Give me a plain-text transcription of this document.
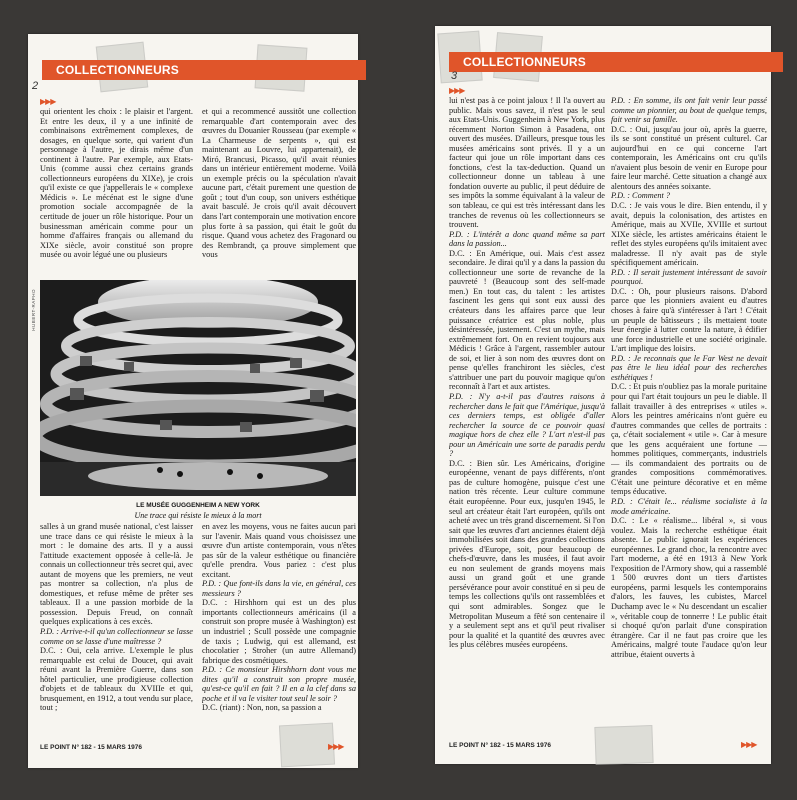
COLLECTIONNEURS
2
▶▶▶

qui orientent les choix : le plaisir et l'argent. Et entre les deux, il y a une infinité de combinaisons extrêmement complexes, de dosages, en quelque sorte, qui varient d'un personnage à l'autre, je dirais même d'un continent à l'autre. Par exemple, aux Etats-Unis (comme aussi chez certains grands collectionneurs européens du XIXe), je crois qu'il existe ce que j'appellerais le « complexe Médicis ». Le mécénat est le signe d'une promotion sociale accompagnée de la certitude de jouer un rôle historique. Pour un businessman américain comme pour un homme d'affaires français ou allemand du XIXe siècle, avoir constitué son propre musée ou avoir légué une ou plusieurs

et qui a recommencé aussitôt une collection remarquable d'art contemporain avec des œuvres du Douanier Rousseau (par exemple « La Charmeuse de serpents », qui est maintenant au Louvre, lui appartenait), de Miró, Brancusi, Picasso, qu'il avait réunies dans un intérieur entièrement moderne. Voilà un exemple précis ou la spéculation n'avait aucune part, c'était purement une question de goût ; tout d'un coup, son univers esthétique avait basculé. Je crois qu'il avait découvert dans l'art contemporain une motivation encore plus forte à sa passion, qui était le goût du risque. Quand vous achetez des Fragonard ou des Rembrandt, ça prouve simplement que vous

HUBERT-RAPHO
LE MUSÉE GUGGENHEIM A NEW YORK
Une trace qui résiste le mieux à la mort

salles à un grand musée national, c'est laisser une trace dans ce qui résiste le mieux à la mort : le domaine des arts. Il y a aussi l'attitude exactement opposée à celle-là. Je connais un collectionneur très secret qui, avec autant de moyens que les premiers, ne veut pas montrer sa collection, n'a plus de domestiques, et refuse même de prêter ses tableaux. Il a une passion morbide de la possession. Depuis Freud, on connaît quelques explications à ces excès.

P.D. : Arrive-t-il qu'un collectionneur se lasse comme on se lasse d'une maîtresse ?

D.C. : Oui, cela arrive. L'exemple le plus remarquable est celui de Doucet, qui avait réuni avant la Première Guerre, dans son hôtel particulier, une prodigieuse collection d'objets et de tableaux du XVIIIe et qui, brusquement, en 1912, a tout vendu sur place, tout ;

en avez les moyens, vous ne faites aucun pari sur l'avenir. Mais quand vous choisissez une œuvre d'un artiste contemporain, vous n'êtes pas sûr de la valeur esthétique ou financière qu'elle prendra. Vous pariez : c'est plus excitant.

P.D. : Que font-ils dans la vie, en général, ces messieurs ?

D.C. : Hirshhorn qui est un des plus importants collectionneurs américains (il a construit son propre musée à Washington) est un industriel ; Scull possède une compagnie de taxis ; Ludwig, qui est allemand, est chocolatier ; Stroher (un autre Allemand) fabrique des cosmétiques.

P.D. : Ce monsieur Hirshhorn dont vous me dites qu'il a construit son propre musée, qu'est-ce qu'il en fait ? Il en a la clef dans sa poche et il va le visiter tout seul le soir ?

D.C. (riant) : Non, non, sa passion a

LE POINT N° 182 - 15 MARS 1976	▶▶▶
COLLECTIONNEURS
3
▶▶▶

lui n'est pas à ce point jaloux ! Il l'a ouvert au public. Mais vous savez, il n'est pas le seul aux Etats-Unis. Guggenheim à New York, plus récemment Norton Simon à Pasadena, ont ouvert des musées. D'ailleurs, presque tous les musées américains sont privés. Il y a un facteur qui joue un rôle important dans ces fonctions, c'est la tax-deduction. Quand un collectionneur donne un tableau à une fondation ouverte au public, il peut déduire de ses impôts la somme équivalant à la valeur de son tableau, ce qui est très intéressant dans les tranches de revenus où les collectionneurs se trouvent.

P.D. : L'intérêt a donc quand même sa part dans la passion...

D.C. : En Amérique, oui. Mais c'est assez secondaire. Je dirai qu'il y a dans la passion du collectionneur une sorte de revanche de la pauvreté ! (Beaucoup sont des self-made men.) En tout cas, du talent : les artistes fascinent les gens qui sont eux aussi des créateurs dans les affaires parce que leur puissance créatrice est plus noble, plus désintéressée, justement. C'est un mythe, mais extrêmement fort. On en revient toujours aux Médicis ! Grâce à l'argent, rassembler autour de soi, et lier à son nom des œuvres dont on pense qu'elles franchiront les siècles, c'est s'attribuer une part du pouvoir magique qu'on reconnaît à l'art et aux artistes.

P.D. : N'y a-t-il pas d'autres raisons à rechercher dans le fait que l'Amérique, jusqu'à ces derniers temps, est obligée d'aller rechercher la source de ce pouvoir quasi magique hors de chez elle ? L'art n'est-il pas pour un Américain une sorte de paradis perdu ?

D.C. : Bien sûr. Les Américains, d'origine européenne, venant de pays différents, n'ont pas de culture homogène, puisque c'est une nation très récente. Leur culture commune était européenne. Pour eux, jusqu'en 1945, le seul art créateur était l'art européen, qu'ils ont acheté avec un très grand discernement. Si l'on sait que les œuvres d'art anciennes étaient déjà immobilisées soit dans des grandes collections privées d'Europe, soit, pour beaucoup de chefs-d'œuvre, dans les musées, il faut avoir eu non seulement de grands moyens mais aussi un grand goût et une grande persévérance pour avoir constitué en si peu de temps les collections qu'ils ont rassemblées et qui sont admirables. Songez que le Metropolitan Museum a fêté son centenaire il y a seulement sept ans et qu'il peut rivaliser pour la qualité et la quantité des œuvres avec les plus célèbres musées européens.

P.D. : En somme, ils ont fait venir leur passé comme un pionnier, au bout de quelque temps, fait venir sa famille.

D.C. : Oui, jusqu'au jour où, après la guerre, ils se sont constitué un présent culturel. Car aujourd'hui en ce qui concerne l'art contemporain, les Américains ont cru qu'ils n'avaient plus besoin de venir en Europe pour faire leur marché. Cette situation a changé aux alentours des années soixante.

P.D. : Comment ?

D.C. : Je vais vous le dire. Bien entendu, il y avait, depuis la colonisation, des artistes en Amérique, mais au XVIIe, XVIIIe et surtout XIXe siècle, les artistes américains étaient le reflet des styles européens qu'ils imitaient avec maladresse. Il n'y avait pas de style spécifiquement américain.

P.D. : Il serait justement intéressant de savoir pourquoi.

D.C. : Oh, pour plusieurs raisons. D'abord parce que les pionniers avaient eu d'autres choses à faire qu'à s'intéresser à l'art ! C'était un peuple de bâtisseurs ; ils mettaient toute leur énergie à lutter contre la nature, à édifier une force industrielle et une société originale. L'art implique des loisirs.

P.D. : Je reconnais que le Far West ne devait pas être le lieu idéal pour des recherches esthétiques !

D.C. : Et puis n'oubliez pas la morale puritaine pour qui l'art était toujours un peu le diable. Il fallait travailler à des entreprises « utiles ». Alors les peintres américains n'ont guère eu d'autres commandes que celles de portraits : ça, c'était socialement « utile ». Car à mesure que les gens acquéraient une fortune — hommes politiques, commerçants, industriels — ils commandaient des portraits ou de grandes compositions commémoratives. C'était une peinture décorative et en même temps éducative.

P.D. : C'était le... réalisme socialiste à la mode américaine.

D.C. : Le « réalisme... libéral », si vous voulez. Mais la recherche esthétique était absente. Le public ignorait les expériences européennes. Le grand choc, la rencontre avec l'art moderne, a été en 1913 à New York l'exposition de l'Armory show, qui a rassemblé 1 500 œuvres dont un tiers d'artistes européens, parmi lesquels les contemporains d'alors, les fauves, les cubistes, Marcel Duchamp avec le « Nu descendant un escalier », véritable coup de tonnerre ! Le public était si choqué qu'on parlait d'une conspiration étrangère. Car il ne faut pas croire que les Américains, malgré toute l'audace qu'on leur attribue, étaient ouverts à

LE POINT N° 182 - 15 MARS 1976	▶▶▶
